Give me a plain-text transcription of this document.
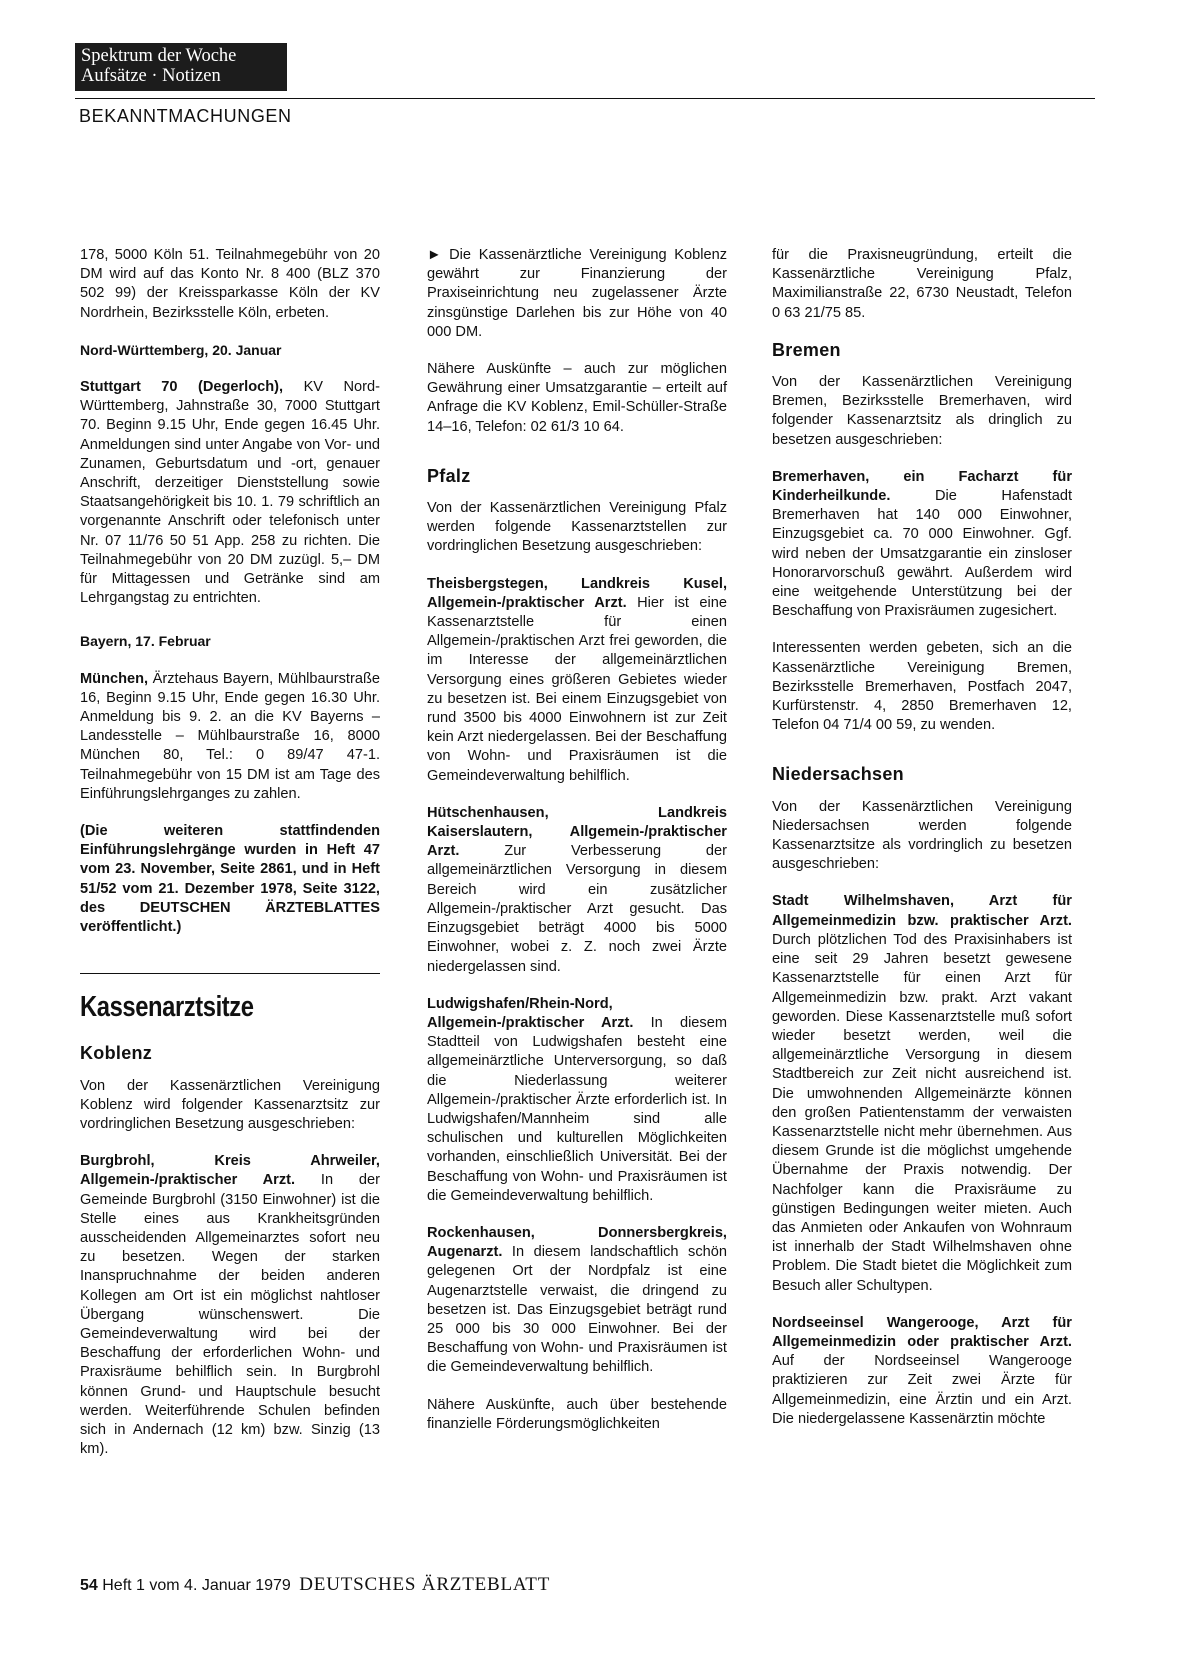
Spektrum der Woche
Aufsätze · Notizen
BEKANNTMACHUNGEN

178, 5000 Köln 51. Teilnahmegebühr von 20 DM wird auf das Konto Nr. 8 400 (BLZ 370 502 99) der Kreissparkasse Köln der KV Nordrhein, Bezirksstelle Köln, erbeten.

Nord-Württemberg, 20. Januar

Stuttgart 70 (Degerloch), KV Nord-Württemberg, Jahnstraße 30, 7000 Stuttgart 70. Beginn 9.15 Uhr, Ende gegen 16.45 Uhr. Anmeldungen sind unter Angabe von Vor- und Zunamen, Geburtsdatum und -ort, genauer Anschrift, derzeitiger Dienststellung sowie Staatsangehörigkeit bis 10. 1. 79 schriftlich an vorgenannte Anschrift oder telefonisch unter Nr. 07 11/76 50 51 App. 258 zu richten. Die Teilnahmegebühr von 20 DM zuzügl. 5,– DM für Mittagessen und Getränke sind am Lehrgangstag zu entrichten.

Bayern, 17. Februar

München, Ärztehaus Bayern, Mühlbaurstraße 16, Beginn 9.15 Uhr, Ende gegen 16.30 Uhr. Anmeldung bis 9. 2. an die KV Bayerns – Landesstelle – Mühlbaurstraße 16, 8000 München 80, Tel.: 0 89/47 47-1. Teilnahmegebühr von 15 DM ist am Tage des Einführungslehrganges zu zahlen.

(Die weiteren stattfindenden Einführungslehrgänge wurden in Heft 47 vom 23. November, Seite 2861, und in Heft 51/52 vom 21. Dezember 1978, Seite 3122, des DEUTSCHEN ÄRZTEBLATTES veröffentlicht.)

Kassenarztsitze
Koblenz

Von der Kassenärztlichen Vereinigung Koblenz wird folgender Kassenarztsitz zur vordringlichen Besetzung ausgeschrieben:

Burgbrohl, Kreis Ahrweiler, Allgemein-/praktischer Arzt. In der Gemeinde Burgbrohl (3150 Einwohner) ist die Stelle eines aus Krankheitsgründen ausscheidenden Allgemeinarztes sofort neu zu besetzen. Wegen der starken Inanspruchnahme der beiden anderen Kollegen am Ort ist ein möglichst nahtloser Übergang wünschenswert. Die Gemeindeverwaltung wird bei der Beschaffung der erforderlichen Wohn- und Praxisräume behilflich sein. In Burgbrohl können Grund- und Hauptschule besucht werden. Weiterführende Schulen befinden sich in Andernach (12 km) bzw. Sinzig (13 km).

► Die Kassenärztliche Vereinigung Koblenz gewährt zur Finanzierung der Praxiseinrichtung neu zugelassener Ärzte zinsgünstige Darlehen bis zur Höhe von 40 000 DM.

Nähere Auskünfte – auch zur möglichen Gewährung einer Umsatzgarantie – erteilt auf Anfrage die KV Koblenz, Emil-Schüller-Straße 14–16, Telefon: 02 61/3 10 64.

Pfalz

Von der Kassenärztlichen Vereinigung Pfalz werden folgende Kassenarztstellen zur vordringlichen Besetzung ausgeschrieben:

Theisbergstegen, Landkreis Kusel, Allgemein-/praktischer Arzt. Hier ist eine Kassenarztstelle für einen Allgemein-/praktischen Arzt frei geworden, die im Interesse der allgemeinärztlichen Versorgung eines größeren Gebietes wieder zu besetzen ist. Bei einem Einzugsgebiet von rund 3500 bis 4000 Einwohnern ist zur Zeit kein Arzt niedergelassen. Bei der Beschaffung von Wohn- und Praxisräumen ist die Gemeindeverwaltung behilflich.

Hütschenhausen, Landkreis Kaiserslautern, Allgemein-/praktischer Arzt. Zur Verbesserung der allgemeinärztlichen Versorgung in diesem Bereich wird ein zusätzlicher Allgemein-/praktischer Arzt gesucht. Das Einzugsgebiet beträgt 4000 bis 5000 Einwohner, wobei z. Z. noch zwei Ärzte niedergelassen sind.

Ludwigshafen/Rhein-Nord, Allgemein-/praktischer Arzt. In diesem Stadtteil von Ludwigshafen besteht eine allgemeinärztliche Unterversorgung, so daß die Niederlassung weiterer Allgemein-/praktischer Ärzte erforderlich ist. In Ludwigshafen/Mannheim sind alle schulischen und kulturellen Möglichkeiten vorhanden, einschließlich Universität. Bei der Beschaffung von Wohn- und Praxisräumen ist die Gemeindeverwaltung behilflich.

Rockenhausen, Donnersbergkreis, Augenarzt. In diesem landschaftlich schön gelegenen Ort der Nordpfalz ist eine Augenarztstelle verwaist, die dringend zu besetzen ist. Das Einzugsgebiet beträgt rund 25 000 bis 30 000 Einwohner. Bei der Beschaffung von Wohn- und Praxisräumen ist die Gemeindeverwaltung behilflich.

Nähere Auskünfte, auch über bestehende finanzielle Förderungsmöglichkeiten

für die Praxisneugründung, erteilt die Kassenärztliche Vereinigung Pfalz, Maximilianstraße 22, 6730 Neustadt, Telefon 0 63 21/75 85.

Bremen

Von der Kassenärztlichen Vereinigung Bremen, Bezirksstelle Bremerhaven, wird folgender Kassenarztsitz als dringlich zu besetzen ausgeschrieben:

Bremerhaven, ein Facharzt für Kinderheilkunde. Die Hafenstadt Bremerhaven hat 140 000 Einwohner, Einzugsgebiet ca. 70 000 Einwohner. Ggf. wird neben der Umsatzgarantie ein zinsloser Honorarvorschuß gewährt. Außerdem wird eine weitgehende Unterstützung bei der Beschaffung von Praxisräumen zugesichert.

Interessenten werden gebeten, sich an die Kassenärztliche Vereinigung Bremen, Bezirksstelle Bremerhaven, Postfach 2047, Kurfürstenstr. 4, 2850 Bremerhaven 12, Telefon 04 71/4 00 59, zu wenden.

Niedersachsen

Von der Kassenärztlichen Vereinigung Niedersachsen werden folgende Kassenarztsitze als vordringlich zu besetzen ausgeschrieben:

Stadt Wilhelmshaven, Arzt für Allgemeinmedizin bzw. praktischer Arzt. Durch plötzlichen Tod des Praxisinhabers ist eine seit 29 Jahren besetzt gewesene Kassenarztstelle für einen Arzt für Allgemeinmedizin bzw. prakt. Arzt vakant geworden. Diese Kassenarztstelle muß sofort wieder besetzt werden, weil die allgemeinärztliche Versorgung in diesem Stadtbereich zur Zeit nicht ausreichend ist. Die umwohnenden Allgemeinärzte können den großen Patientenstamm der verwaisten Kassenarztstelle nicht mehr übernehmen. Aus diesem Grunde ist die möglichst umgehende Übernahme der Praxis notwendig. Der Nachfolger kann die Praxisräume zu günstigen Bedingungen weiter mieten. Auch das Anmieten oder Ankaufen von Wohnraum ist innerhalb der Stadt Wilhelmshaven ohne Problem. Die Stadt bietet die Möglichkeit zum Besuch aller Schultypen.

Nordseeinsel Wangerooge, Arzt für Allgemeinmedizin oder praktischer Arzt. Auf der Nordseeinsel Wangerooge praktizieren zur Zeit zwei Ärzte für Allgemeinmedizin, eine Ärztin und ein Arzt. Die niedergelassene Kassenärztin möchte

54 Heft 1 vom 4. Januar 1979 DEUTSCHES ÄRZTEBLATT
